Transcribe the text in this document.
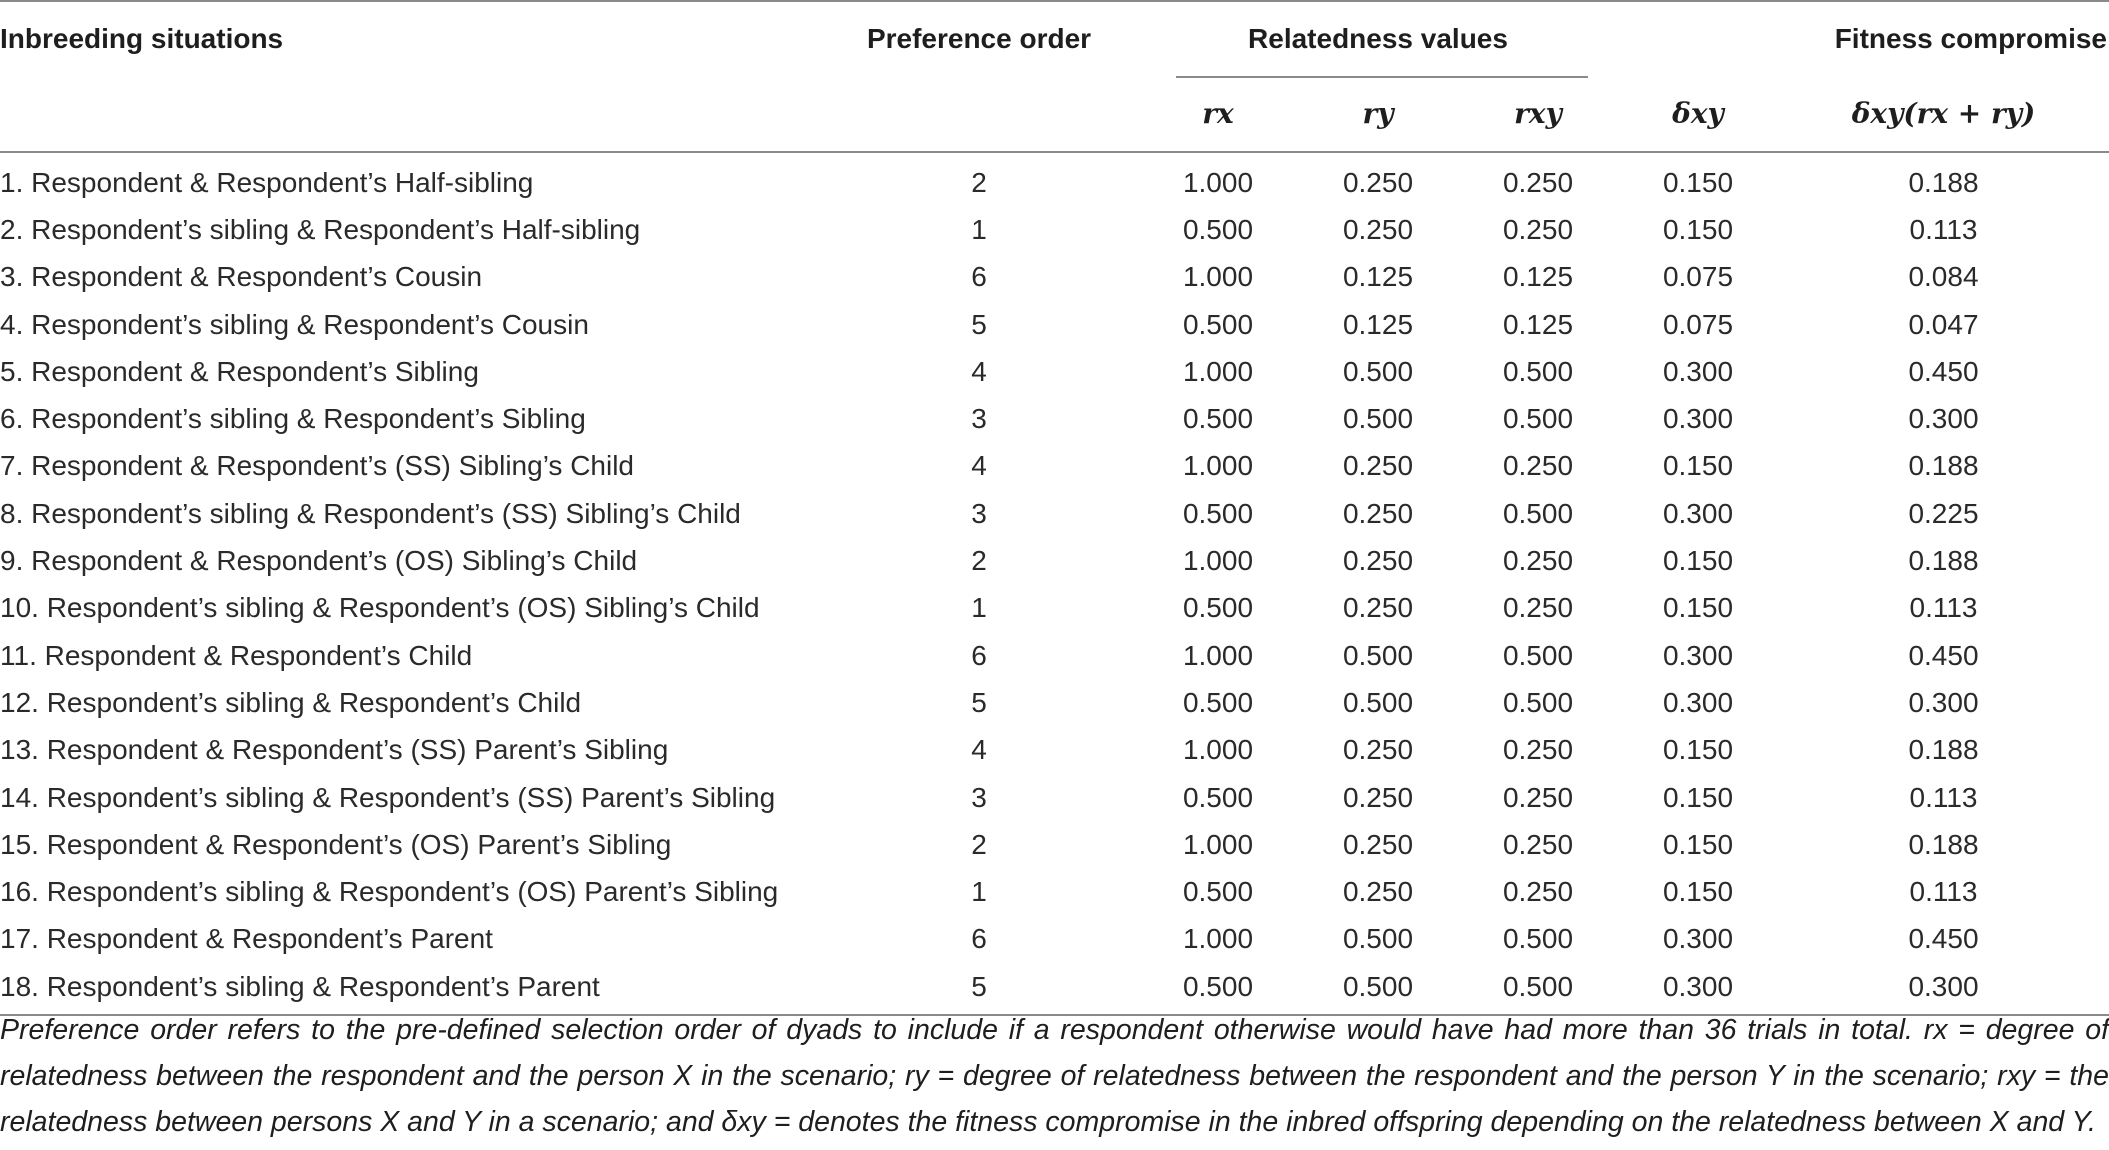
Inbreeding situations	Preference order	Relatedness values				Fitness compromise
		rx	ry	rxy	δxy	δxy(rx + ry)
1. Respondent & Respondent’s Half-sibling	2	1.000	0.250	0.250	0.150	0.188
2. Respondent’s sibling & Respondent’s Half-sibling	1	0.500	0.250	0.250	0.150	0.113
3. Respondent & Respondent’s Cousin	6	1.000	0.125	0.125	0.075	0.084
4. Respondent’s sibling & Respondent’s Cousin	5	0.500	0.125	0.125	0.075	0.047
5. Respondent & Respondent’s Sibling	4	1.000	0.500	0.500	0.300	0.450
6. Respondent’s sibling & Respondent’s Sibling	3	0.500	0.500	0.500	0.300	0.300
7. Respondent & Respondent’s (SS) Sibling’s Child	4	1.000	0.250	0.250	0.150	0.188
8. Respondent’s sibling & Respondent’s (SS) Sibling’s Child	3	0.500	0.250	0.500	0.300	0.225
9. Respondent & Respondent’s (OS) Sibling’s Child	2	1.000	0.250	0.250	0.150	0.188
10. Respondent’s sibling & Respondent’s (OS) Sibling’s Child	1	0.500	0.250	0.250	0.150	0.113
11. Respondent & Respondent’s Child	6	1.000	0.500	0.500	0.300	0.450
12. Respondent’s sibling & Respondent’s Child	5	0.500	0.500	0.500	0.300	0.300
13. Respondent & Respondent’s (SS) Parent’s Sibling	4	1.000	0.250	0.250	0.150	0.188
14. Respondent’s sibling & Respondent’s (SS) Parent’s Sibling	3	0.500	0.250	0.250	0.150	0.113
15. Respondent & Respondent’s (OS) Parent’s Sibling	2	1.000	0.250	0.250	0.150	0.188
16. Respondent’s sibling & Respondent’s (OS) Parent’s Sibling	1	0.500	0.250	0.250	0.150	0.113
17. Respondent & Respondent’s Parent	6	1.000	0.500	0.500	0.300	0.450
18. Respondent’s sibling & Respondent’s Parent	5	0.500	0.500	0.500	0.300	0.300
Preference order refers to the pre-defined selection order of dyads to include if a respondent otherwise would have had more than 36 trials in total. rx = degree of relatedness between the respondent and the person X in the scenario; ry = degree of relatedness between the respondent and the person Y in the scenario; rxy = the relatedness between persons X and Y in a scenario; and δxy = denotes the fitness compromise in the inbred offspring depending on the relatedness between X and Y.
